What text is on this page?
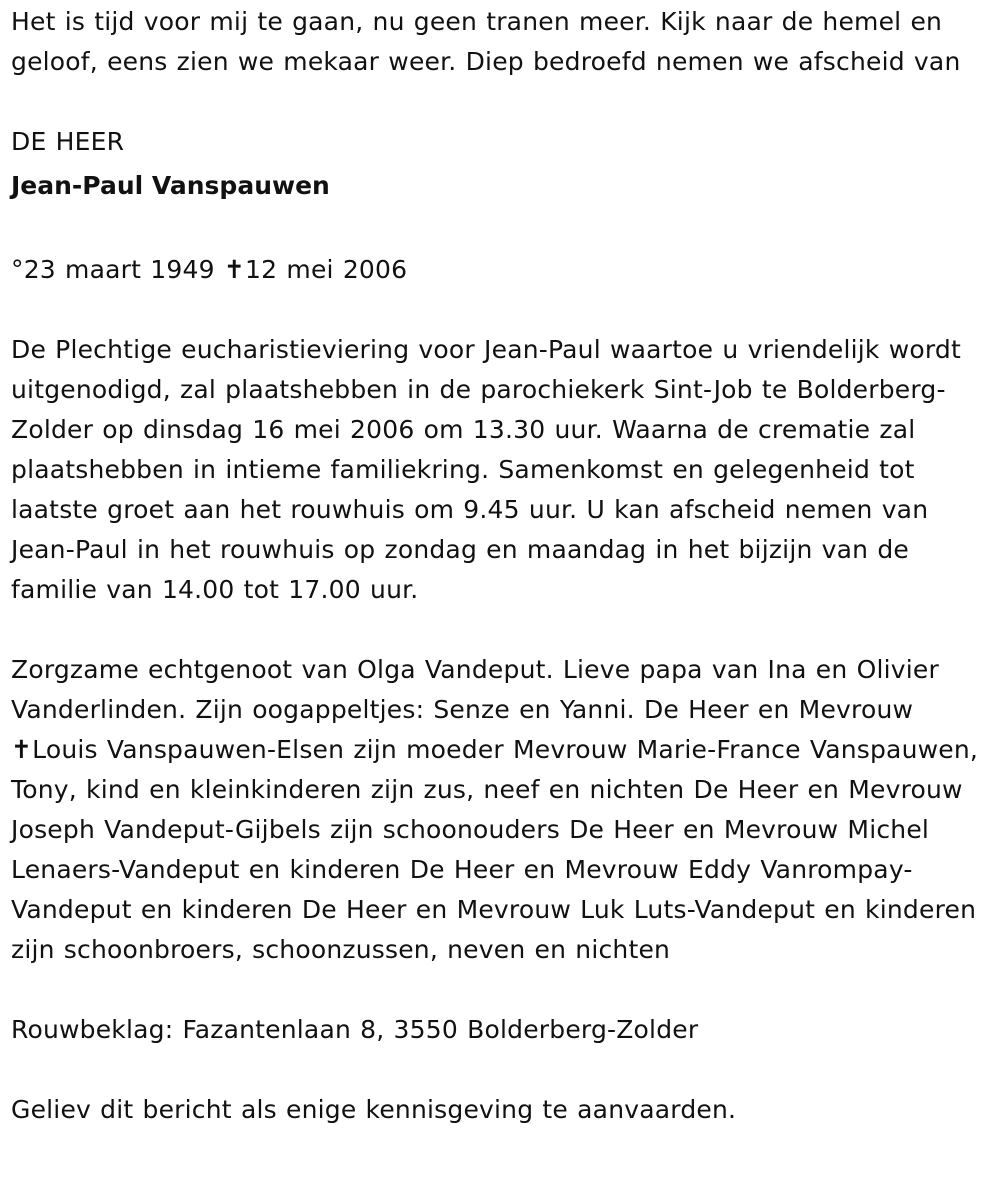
Het is tijd voor mij te gaan, nu geen tranen meer. Kijk naar de hemel en geloof, eens zien we mekaar weer. Diep bedroefd nemen we afscheid van

DE HEER

Jean-Paul Vanspauwen

°23 maart 1949 ✝12 mei 2006

De Plechtige eucharistieviering voor Jean-Paul waartoe u vriendelijk wordt uitgenodigd, zal plaatshebben in de parochiekerk Sint-Job te Bolderberg-Zolder op dinsdag 16 mei 2006 om 13.30 uur. Waarna de crematie zal plaatshebben in intieme familiekring. Samenkomst en gelegenheid tot laatste groet aan het rouwhuis om 9.45 uur. U kan afscheid nemen van Jean-Paul in het rouwhuis op zondag en maandag in het bijzijn van de familie van 14.00 tot 17.00 uur.

Zorgzame echtgenoot van Olga Vandeput. Lieve papa van Ina en Olivier Vanderlinden. Zijn oogappeltjes: Senze en Yanni. De Heer en Mevrouw ✝Louis Vanspauwen-Elsen zijn moeder Mevrouw Marie-France Vanspauwen, Tony, kind en kleinkinderen zijn zus, neef en nichten De Heer en Mevrouw Joseph Vandeput-Gijbels zijn schoonouders De Heer en Mevrouw Michel Lenaers-Vandeput en kinderen De Heer en Mevrouw Eddy Vanrompay-Vandeput en kinderen De Heer en Mevrouw Luk Luts-Vandeput en kinderen zijn schoonbroers, schoonzussen, neven en nichten

Rouwbeklag: Fazantenlaan 8, 3550 Bolderberg-Zolder

Geliev dit bericht als enige kennisgeving te aanvaarden.
